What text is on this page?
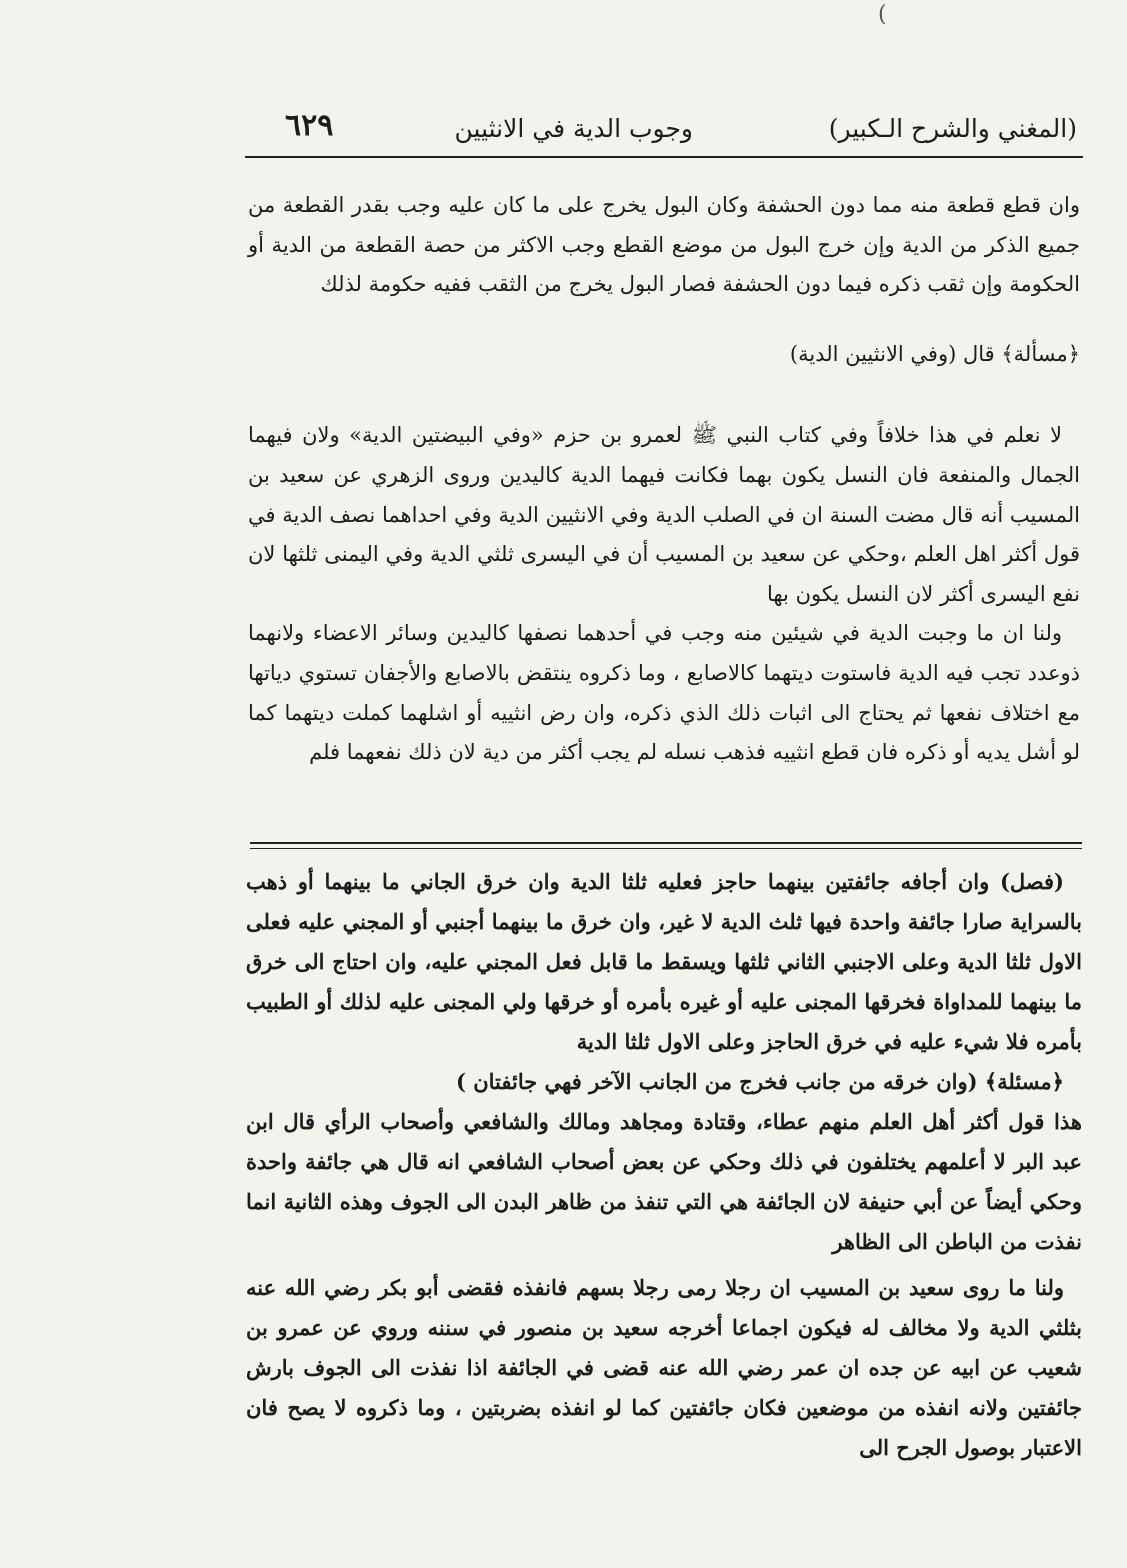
(
(المغني والشرح الـكبير)
وجوب الدية في الانثيين
٦٢٩

وان قطع قطعة منه مما دون الحشفة وكان البول يخرج على ما كان عليه وجب بقدر القطعة من جميع الذكر من الدية وإن خرج البول من موضع القطع وجب الاكثر من حصة القطعة من الدية أو الحكومة وإن ثقب ذكره فيما دون الحشفة فصار البول يخرج من الثقب ففيه حكومة لذلك

﴿مسألة﴾ قال (وفي الانثيين الدية)

لا نعلم في هذا خلافاً وفي كتاب النبي ﷺ لعمرو بن حزم «وفي البيضتين الدية» ولان فيهما الجمال والمنفعة فان النسل يكون بهما فكانت فيهما الدية كاليدين وروى الزهري عن سعيد بن المسيب أنه قال مضت السنة ان في الصلب الدية وفي الانثيين الدية وفي احداهما نصف الدية في قول أكثر اهل العلم ،وحكي عن سعيد بن المسيب أن في اليسرى ثلثي الدية وفي اليمنى ثلثها لان نفع اليسرى أكثر لان النسل يكون بها

ولنا ان ما وجبت الدية في شيئين منه وجب في أحدهما نصفها كاليدين وسائر الاعضاء ولانهما ذوعدد تجب فيه الدية فاستوت ديتهما كالاصابع ، وما ذكروه ينتقض بالاصابع والأجفان تستوي دياتها مع اختلاف نفعها ثم يحتاج الى اثبات ذلك الذي ذكره، وان رض انثييه أو اشلهما كملت ديتهما كما لو أشل يديه أو ذكره فان قطع انثييه فذهب نسله لم يجب أكثر من دية لان ذلك نفعهما فلم

(فصل) وان أجافه جائفتين بينهما حاجز فعليه ثلثا الدية وان خرق الجاني ما بينهما أو ذهب بالسراية صارا جائفة واحدة فيها ثلث الدية لا غير، وان خرق ما بينهما أجنبي أو المجني عليه فعلى الاول ثلثا الدية وعلى الاجنبي الثاني ثلثها ويسقط ما قابل فعل المجني عليه، وان احتاج الى خرق ما بينهما للمداواة فخرقها المجنى عليه أو غيره بأمره أو خرقها ولي المجنى عليه لذلك أو الطبيب بأمره فلا شيء عليه في خرق الحاجز وعلى الاول ثلثا الدية

﴿مسئلة﴾ (وان خرقه من جانب فخرج من الجانب الآخر فهي جائفتان )

هذا قول أكثر أهل العلم منهم عطاء، وقتادة ومجاهد ومالك والشافعي وأصحاب الرأي قال ابن عبد البر لا أعلمهم يختلفون في ذلك وحكي عن بعض أصحاب الشافعي انه قال هي جائفة واحدة وحكي أيضاً عن أبي حنيفة لان الجائفة هي التي تنفذ من ظاهر البدن الى الجوف وهذه الثانية انما نفذت من الباطن الى الظاهر

ولنا ما روى سعيد بن المسيب ان رجلا رمى رجلا بسهم فانفذه فقضى أبو بكر رضي الله عنه بثلثي الدية ولا مخالف له فيكون اجماعا أخرجه سعيد بن منصور في سننه وروي عن عمرو بن شعيب عن ابيه عن جده ان عمر رضي الله عنه قضى في الجائفة اذا نفذت الى الجوف بارش جائفتين ولانه انفذه من موضعين فكان جائفتين كما لو انفذه بضربتين ، وما ذكروه لا يصح فان الاعتبار بوصول الجرح الى
